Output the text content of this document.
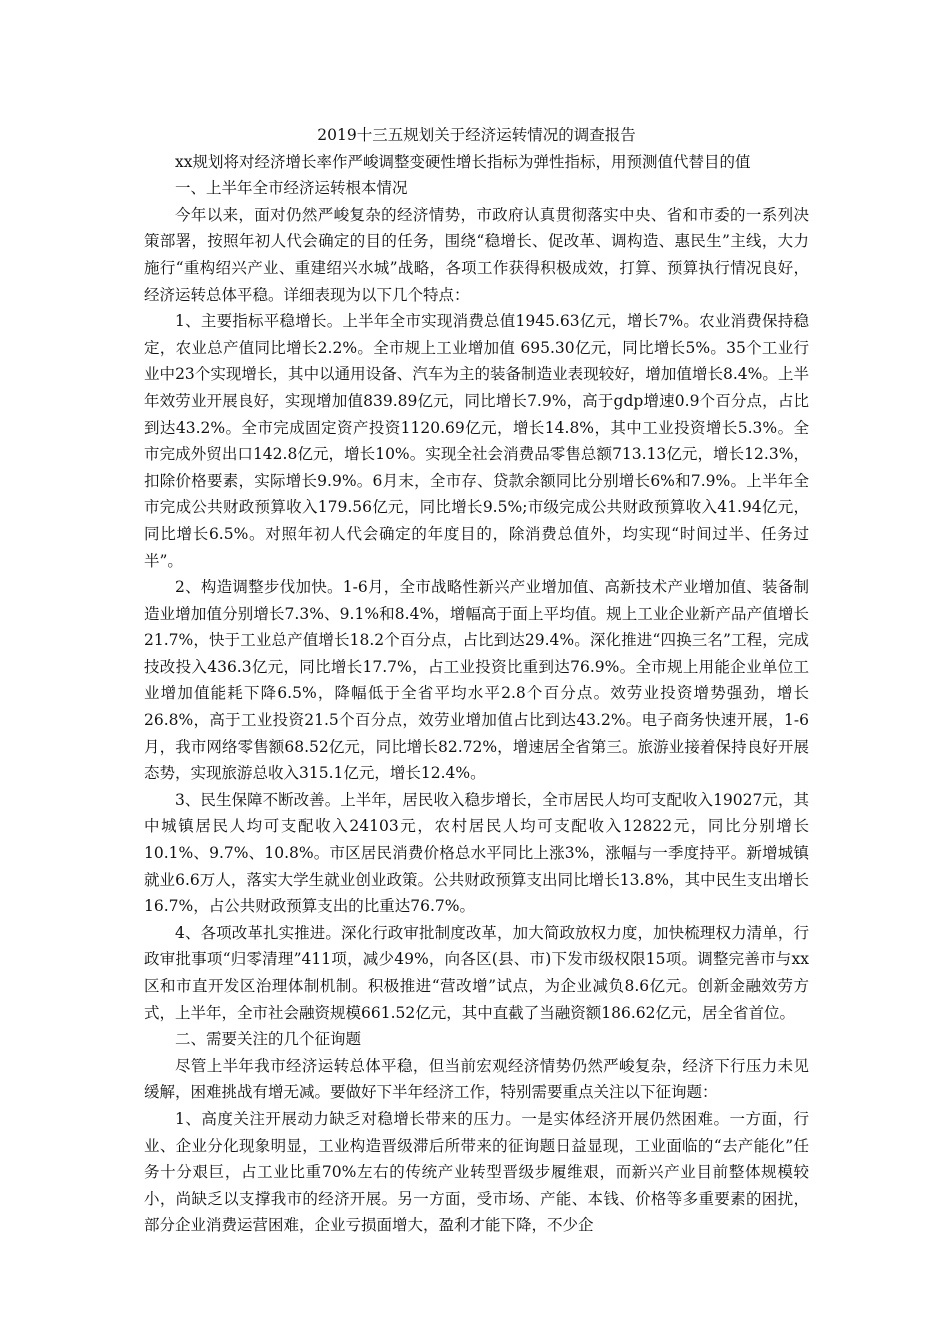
2019十三五规划关于经济运转情况的调查报告

xx规划将对经济增长率作严峻调整变硬性增长指标为弹性指标，用预测值代替目的值

一、上半年全市经济运转根本情况

今年以来，面对仍然严峻复杂的经济情势，市政府认真贯彻落实中央、省和市委的一系列决策部署，按照年初人代会确定的目的任务，围绕“稳增长、促改革、调构造、惠民生”主线，大力施行“重构绍兴产业、重建绍兴水城”战略，各项工作获得积极成效，打算、预算执行情况良好，经济运转总体平稳。详细表现为以下几个特点：

1、主要指标平稳增长。上半年全市实现消费总值1945.63亿元，增长7%。农业消费保持稳定，农业总产值同比增长2.2%。全市规上工业增加值 695.30亿元，同比增长5%。35个工业行业中23个实现增长，其中以通用设备、汽车为主的装备制造业表现较好，增加值增长8.4%。上半年效劳业开展良好，实现增加值839.89亿元，同比增长7.9%，高于gdp增速0.9个百分点，占比到达43.2%。全市完成固定资产投资1120.69亿元，增长14.8%，其中工业投资增长5.3%。全市完成外贸出口142.8亿元，增长10%。实现全社会消费品零售总额713.13亿元，增长12.3%，扣除价格要素，实际增长9.9%。6月末，全市存、贷款余额同比分别增长6%和7.9%。上半年全市完成公共财政预算收入179.56亿元，同比增长9.5%;市级完成公共财政预算收入41.94亿元，同比增长6.5%。对照年初人代会确定的年度目的，除消费总值外，均实现“时间过半、任务过半”。

2、构造调整步伐加快。1-6月，全市战略性新兴产业增加值、高新技术产业增加值、装备制造业增加值分别增长7.3%、9.1%和8.4%，增幅高于面上平均值。规上工业企业新产品产值增长21.7%，快于工业总产值增长18.2个百分点，占比到达29.4%。深化推进“四换三名”工程，完成技改投入436.3亿元，同比增长17.7%，占工业投资比重到达76.9%。全市规上用能企业单位工业增加值能耗下降6.5%，降幅低于全省平均水平2.8个百分点。效劳业投资增势强劲，增长26.8%，高于工业投资21.5个百分点，效劳业增加值占比到达43.2%。电子商务快速开展，1-6月，我市网络零售额68.52亿元，同比增长82.72%，增速居全省第三。旅游业接着保持良好开展态势，实现旅游总收入315.1亿元，增长12.4%。

3、民生保障不断改善。上半年，居民收入稳步增长，全市居民人均可支配收入19027元，其中城镇居民人均可支配收入24103元，农村居民人均可支配收入12822元，同比分别增长10.1%、9.7%、10.8%。市区居民消费价格总水平同比上涨3%，涨幅与一季度持平。新增城镇就业6.6万人，落实大学生就业创业政策。公共财政预算支出同比增长13.8%，其中民生支出增长16.7%，占公共财政预算支出的比重达76.7%。

4、各项改革扎实推进。深化行政审批制度改革，加大简政放权力度，加快梳理权力清单，行政审批事项“归零清理”411项，减少49%，向各区(县、市)下发市级权限15项。调整完善市与xx区和市直开发区治理体制机制。积极推进“营改增”试点，为企业减负8.6亿元。创新金融效劳方式，上半年，全市社会融资规模661.52亿元，其中直截了当融资额186.62亿元，居全省首位。

二、需要关注的几个征询题

尽管上半年我市经济运转总体平稳，但当前宏观经济情势仍然严峻复杂，经济下行压力未见缓解，困难挑战有增无减。要做好下半年经济工作，特别需要重点关注以下征询题：

1、高度关注开展动力缺乏对稳增长带来的压力。一是实体经济开展仍然困难。一方面，行业、企业分化现象明显，工业构造晋级滞后所带来的征询题日益显现，工业面临的“去产能化”任务十分艰巨，占工业比重70%左右的传统产业转型晋级步履维艰，而新兴产业目前整体规模较小，尚缺乏以支撑我市的经济开展。另一方面，受市场、产能、本钱、价格等多重要素的困扰，部分企业消费运营困难，企业亏损面增大，盈利才能下降，不少企
